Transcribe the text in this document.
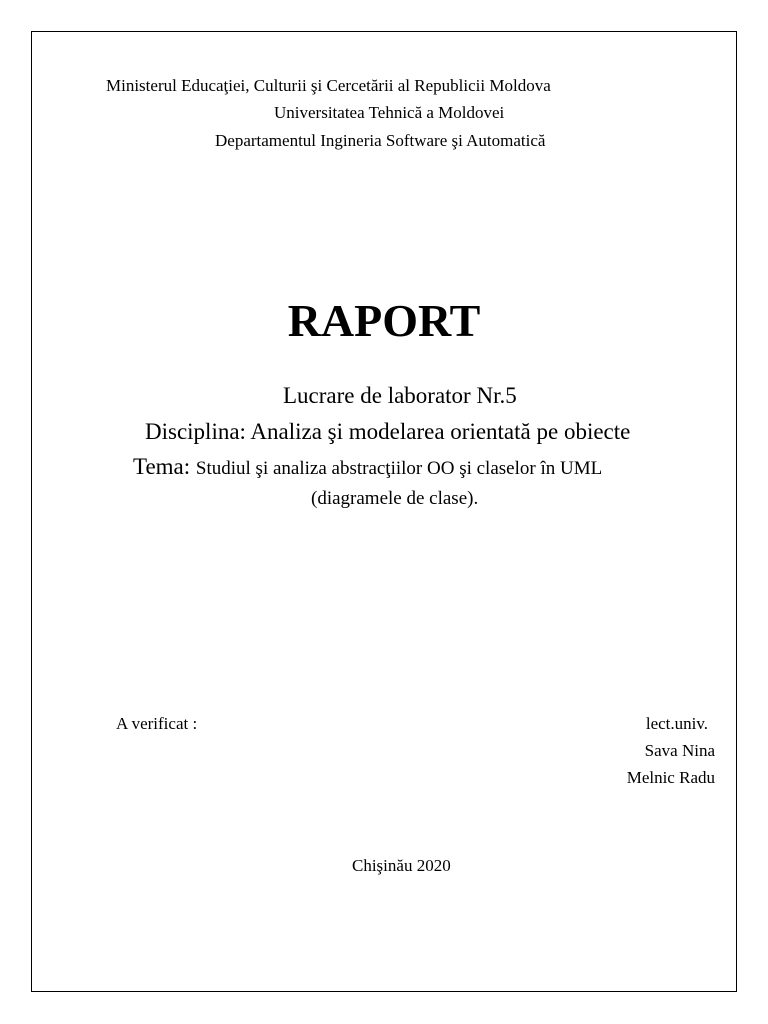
Ministerul Educaţiei, Culturii şi Cercetării al Republicii Moldova
Universitatea Tehnică a Moldovei
Departamentul Ingineria Software şi Automatică
RAPORT
Lucrare de laborator Nr.5
Disciplina: Analiza şi modelarea orientată pe obiecte
Tema: Studiul şi analiza abstracţiilor OO şi claselor în UML
(diagramele de clase).
A verificat :	lect.univ.
Sava Nina
Melnic Radu
Chişinău 2020
